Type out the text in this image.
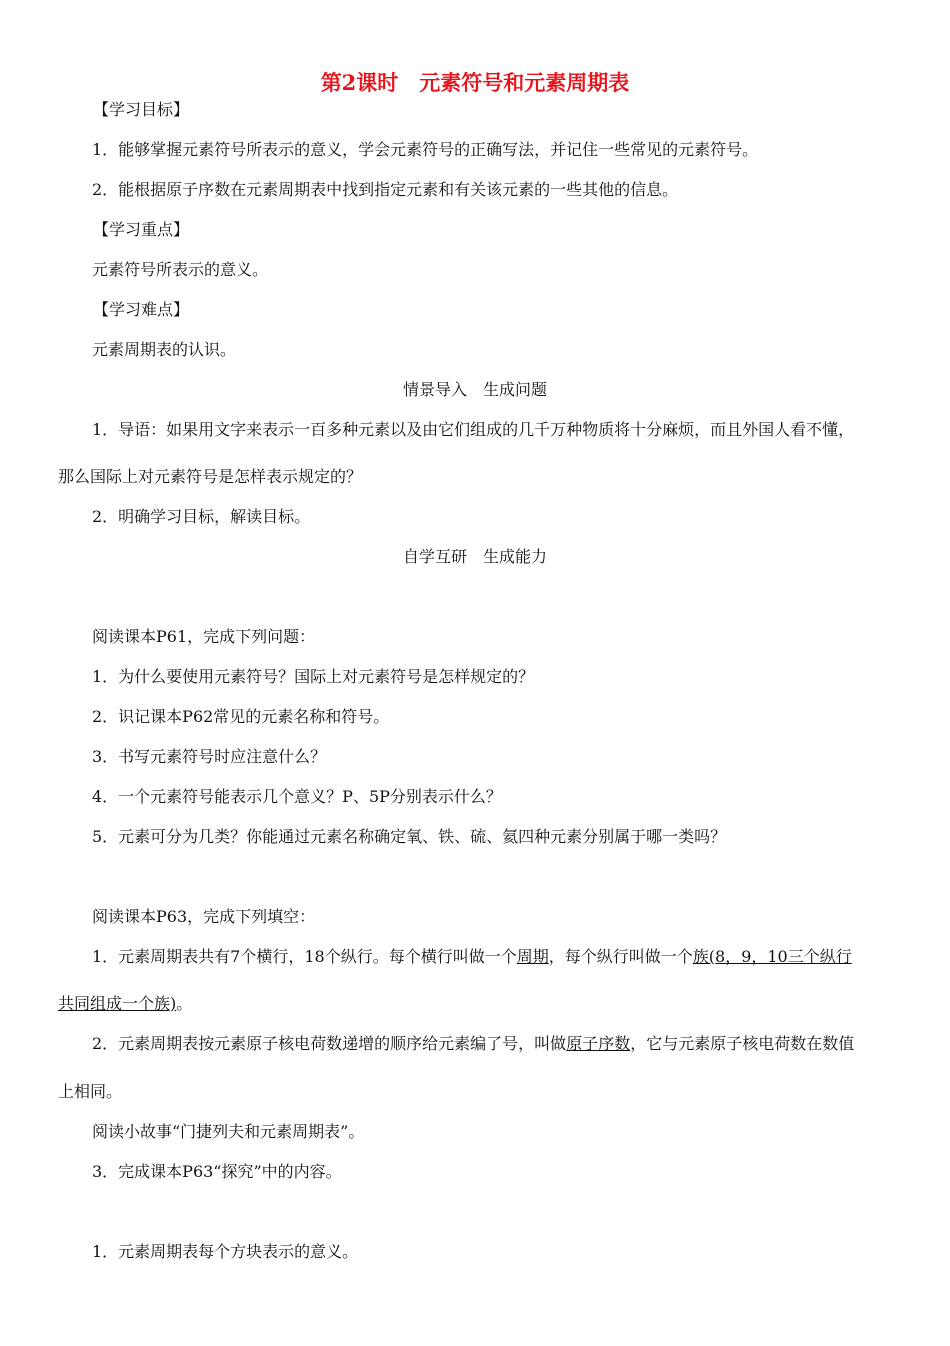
第2课时　元素符号和元素周期表
【学习目标】
1．能够掌握元素符号所表示的意义，学会元素符号的正确写法，并记住一些常见的元素符号。
2．能根据原子序数在元素周期表中找到指定元素和有关该元素的一些其他的信息。
【学习重点】
元素符号所表示的意义。
【学习难点】
元素周期表的认识。
情景导入　生成问题
1．导语：如果用文字来表示一百多种元素以及由它们组成的几千万种物质将十分麻烦，而且外国人看不懂，
那么国际上对元素符号是怎样表示规定的？
2．明确学习目标，解读目标。
自学互研　生成能力
阅读课本P61，完成下列问题：
1．为什么要使用元素符号？国际上对元素符号是怎样规定的？
2．识记课本P62常见的元素名称和符号。
3．书写元素符号时应注意什么？
4．一个元素符号能表示几个意义？P、5P分别表示什么？
5．元素可分为几类？你能通过元素名称确定氧、铁、硫、氦四种元素分别属于哪一类吗？
阅读课本P63，完成下列填空：
1．元素周期表共有7个横行，18个纵行。每个横行叫做一个周期，每个纵行叫做一个族(8，9，10三个纵行
共同组成一个族)。
2．元素周期表按元素原子核电荷数递增的顺序给元素编了号，叫做原子序数，它与元素原子核电荷数在数值
上相同。
阅读小故事“门捷列夫和元素周期表”。
3．完成课本P63“探究”中的内容。
1．元素周期表每个方块表示的意义。
